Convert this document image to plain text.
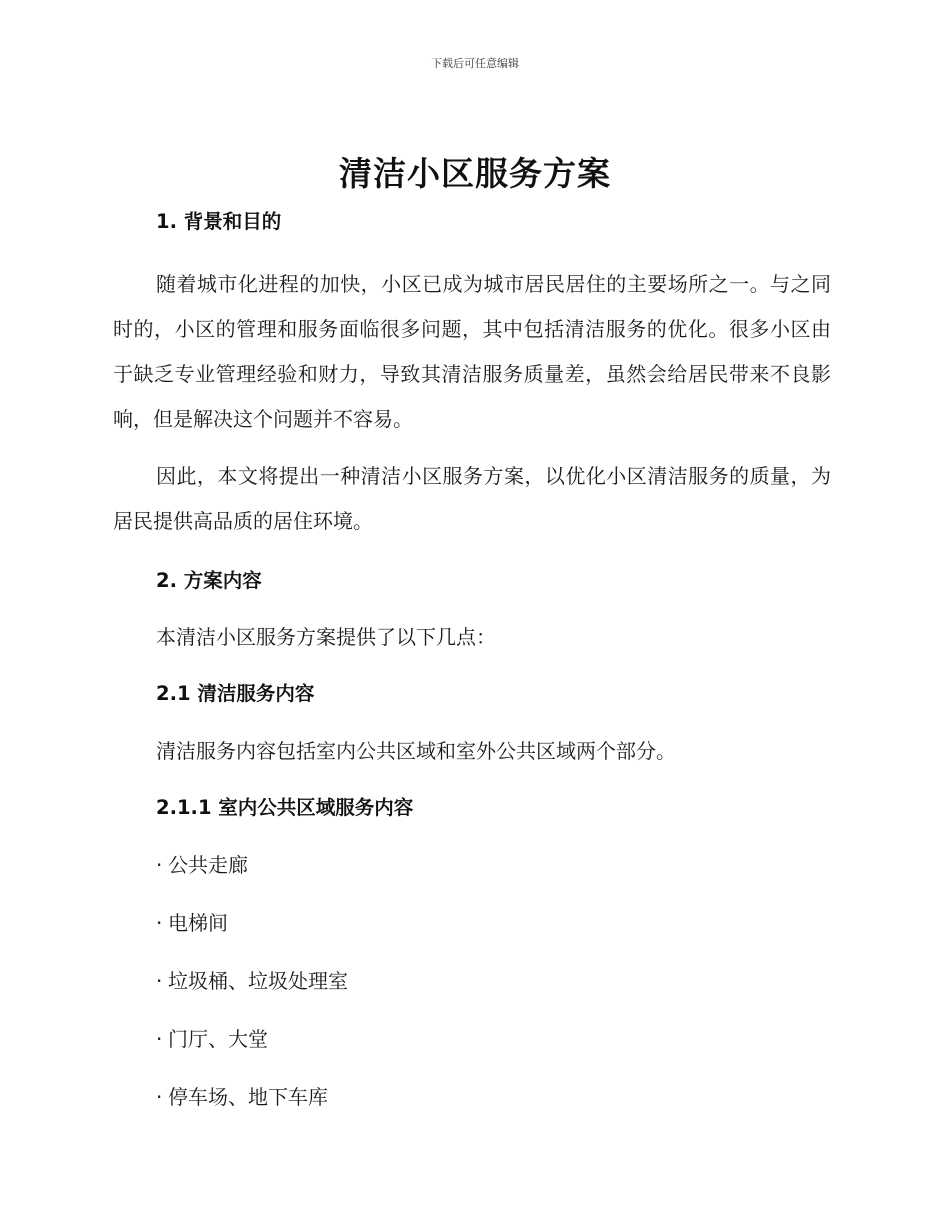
下载后可任意编辑
清洁小区服务方案
1. 背景和目的

随着城市化进程的加快，小区已成为城市居民居住的主要场所之一。与之同时的，小区的管理和服务面临很多问题，其中包括清洁服务的优化。很多小区由于缺乏专业管理经验和财力，导致其清洁服务质量差，虽然会给居民带来不良影响，但是解决这个问题并不容易。

因此，本文将提出一种清洁小区服务方案，以优化小区清洁服务的质量，为居民提供高品质的居住环境。

2. 方案内容

本清洁小区服务方案提供了以下几点：

2.1 清洁服务内容

清洁服务内容包括室内公共区域和室外公共区域两个部分。

2.1.1 室内公共区域服务内容
· 公共走廊
· 电梯间
· 垃圾桶、垃圾处理室
· 门厅、大堂
· 停车场、地下车库
